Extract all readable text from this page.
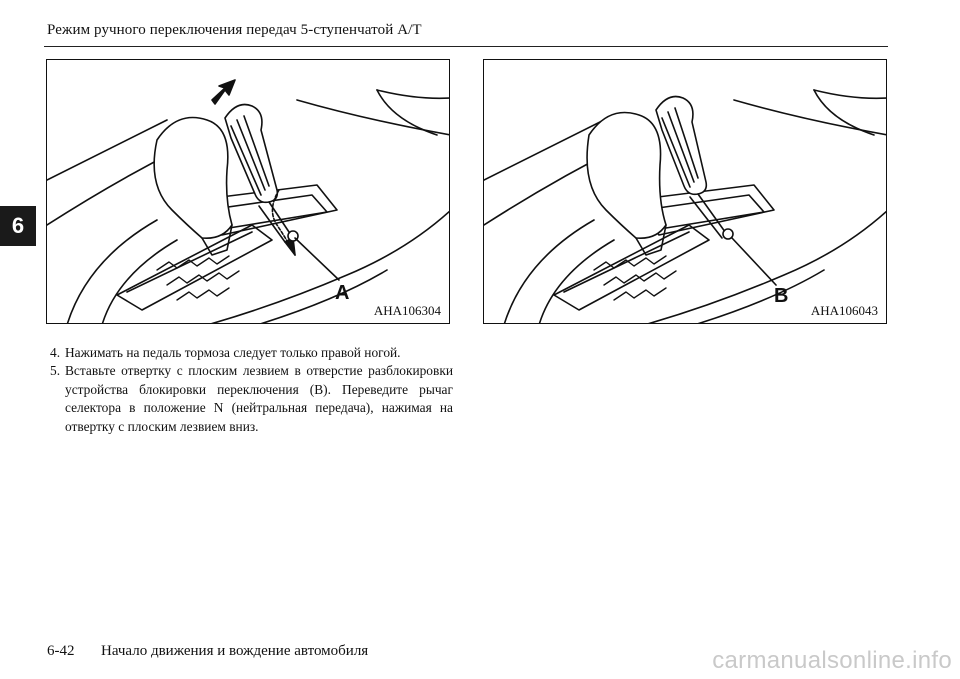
Режим ручного переключения передач 5-ступенчатой A/T
6
A
AHA106304
B
AHA106043
4. Нажимать на педаль тормоза следует только правой ногой.
5. Вставьте отвертку с плоским лезвием в отверстие разблокировки устройства блокировки переключения (B). Переведите рычаг селектора в положение N (нейтральная передача), нажимая на отвертку с плоским лезвием вниз.
6-42 Начало движения и вождение автомобиля	carmanualsonline.info
